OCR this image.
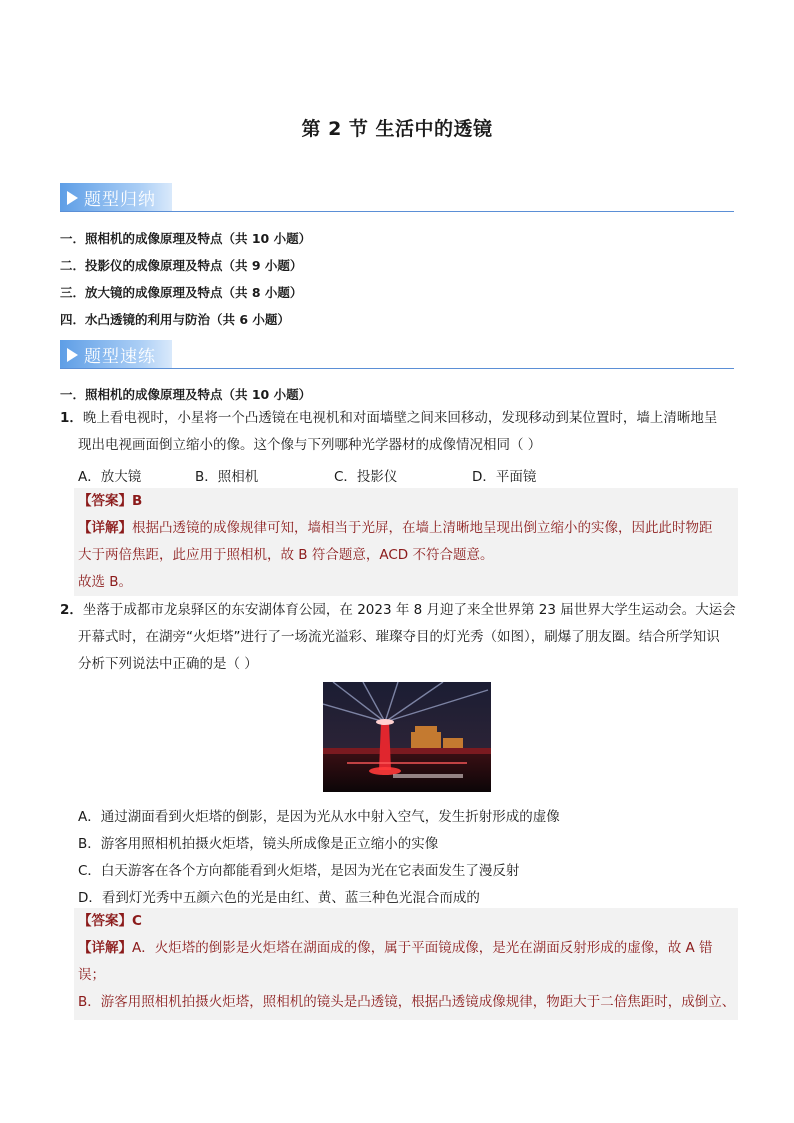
第 2 节 生活中的透镜
题型归纳
一．照相机的成像原理及特点（共 10 小题）
二．投影仪的成像原理及特点（共 9 小题）
三．放大镜的成像原理及特点（共 8 小题）
四．水凸透镜的利用与防治（共 6 小题）
题型速练
一．照相机的成像原理及特点（共 10 小题）
1．晚上看电视时，小星将一个凸透镜在电视机和对面墙壁之间来回移动，发现移动到某位置时，墙上清晰地呈
现出电视画面倒立缩小的像。这个像与下列哪种光学器材的成像情况相同（ ）
A．放大镜	B．照相机	C．投影仪	D．平面镜
【答案】B
【详解】根据凸透镜的成像规律可知，墙相当于光屏，在墙上清晰地呈现出倒立缩小的实像，因此此时物距
大于两倍焦距，此应用于照相机，故 B 符合题意，ACD 不符合题意。
故选 B。
2．坐落于成都市龙泉驿区的东安湖体育公园，在 2023 年 8 月迎了来全世界第 23 届世界大学生运动会。大运会
开幕式时，在湖旁“火炬塔”进行了一场流光溢彩、璀璨夺目的灯光秀（如图），刷爆了朋友圈。结合所学知识
分析下列说法中正确的是（ ）
A．通过湖面看到火炬塔的倒影，是因为光从水中射入空气，发生折射形成的虚像
B．游客用照相机拍摄火炬塔，镜头所成像是正立缩小的实像
C．白天游客在各个方向都能看到火炬塔，是因为光在它表面发生了漫反射
D．看到灯光秀中五颜六色的光是由红、黄、蓝三种色光混合而成的
【答案】C
【详解】A．火炬塔的倒影是火炬塔在湖面成的像，属于平面镜成像，是光在湖面反射形成的虚像，故 A 错
误；
B．游客用照相机拍摄火炬塔，照相机的镜头是凸透镜，根据凸透镜成像规律，物距大于二倍焦距时，成倒立、
